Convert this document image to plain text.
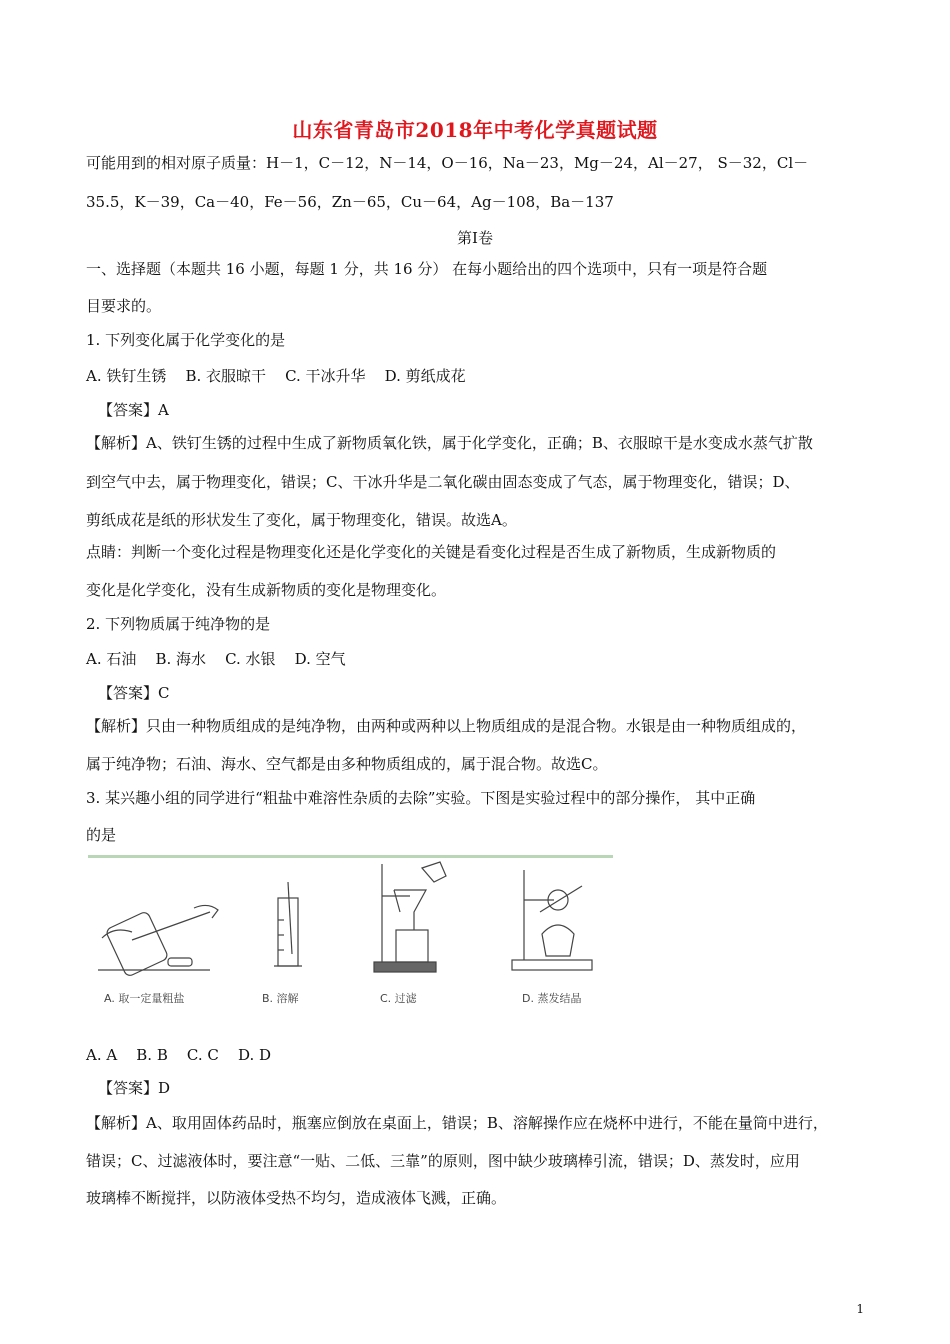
山东省青岛市2018年中考化学真题试题
可能用到的相对原子质量：H－1，C－12，N－14，O－16，Na－23，Mg－24，Al－27， S－32，Cl－
35.5，K－39，Ca－40，Fe－56，Zn－65，Cu－64，Ag－108，Ba－137
第Ⅰ卷
一、选择题（本题共 16 小题，每题 1 分，共 16 分） 在每小题给出的四个选项中，只有一项是符合题
目要求的。
1. 下列变化属于化学变化的是
A. 铁钉生锈    B. 衣服晾干    C. 干冰升华    D. 剪纸成花
【答案】A
【解析】A、铁钉生锈的过程中生成了新物质氧化铁，属于化学变化，正确；B、衣服晾干是水变成水蒸气扩散
到空气中去，属于物理变化，错误；C、干冰升华是二氧化碳由固态变成了气态，属于物理变化，错误；D、
剪纸成花是纸的形状发生了变化，属于物理变化，错误。故选A。
点睛：判断一个变化过程是物理变化还是化学变化的关键是看变化过程是否生成了新物质，生成新物质的
变化是化学变化，没有生成新物质的变化是物理变化。
2. 下列物质属于纯净物的是
A. 石油    B. 海水    C. 水银    D. 空气
【答案】C
【解析】只由一种物质组成的是纯净物，由两种或两种以上物质组成的是混合物。水银是由一种物质组成的，
属于纯净物；石油、海水、空气都是由多种物质组成的，属于混合物。故选C。
3. 某兴趣小组的同学进行“粗盐中难溶性杂质的去除”实验。下图是实验过程中的部分操作， 其中正确
的是
A. 取一定量粗盐	B. 溶解	C. 过滤	D. 蒸发结晶
A. A    B. B    C. C    D. D
【答案】D
【解析】A、取用固体药品时，瓶塞应倒放在桌面上，错误；B、溶解操作应在烧杯中进行，不能在量筒中进行，
错误；C、过滤液体时，要注意“一贴、二低、三靠”的原则，图中缺少玻璃棒引流，错误；D、蒸发时，应用
玻璃棒不断搅拌，以防液体受热不均匀，造成液体飞溅，正确。
1
